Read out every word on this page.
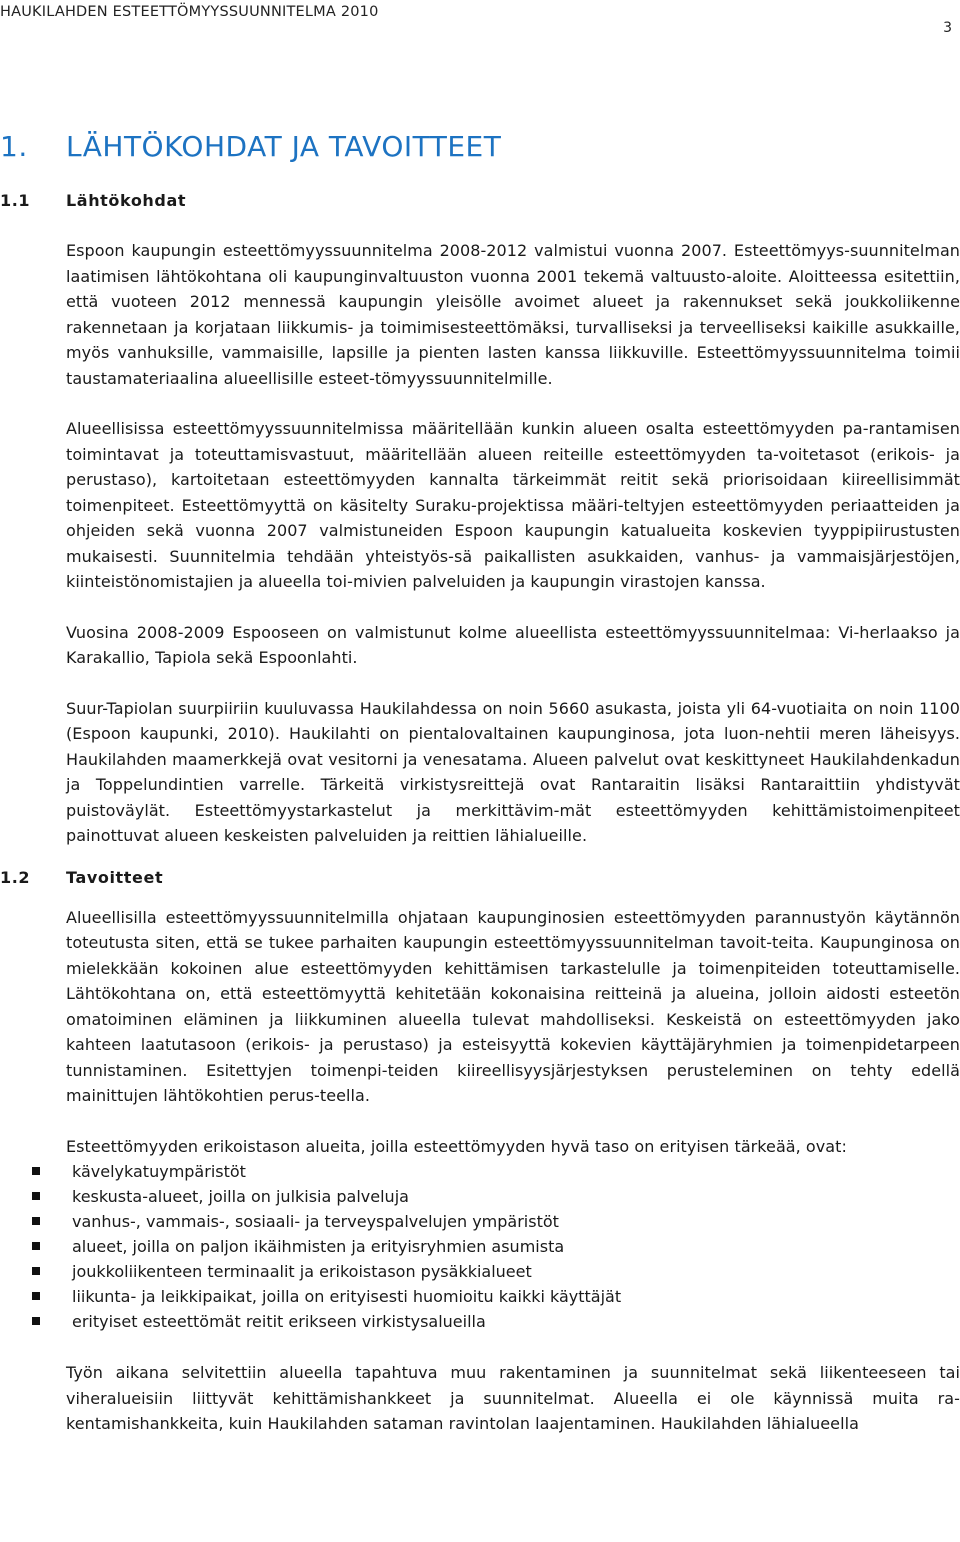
HAUKILAHDEN ESTEETTÖMYYSSUUNNITELMA 2010
3
1.	LÄHTÖKOHDAT JA TAVOITTEET
1.1	Lähtökohdat

Espoon kaupungin esteettömyyssuunnitelma 2008-2012 valmistui vuonna 2007. Esteettömyys-suunnitelman laatimisen lähtökohtana oli kaupunginvaltuuston vuonna 2001 tekemä valtuusto-aloite. Aloitteessa esitettiin, että vuoteen 2012 mennessä kaupungin yleisölle avoimet alueet ja rakennukset sekä joukkoliikenne rakennetaan ja korjataan liikkumis- ja toimimisesteettömäksi, turvalliseksi ja terveelliseksi kaikille asukkaille, myös vanhuksille, vammaisille, lapsille ja pienten lasten kanssa liikkuville. Esteettömyyssuunnitelma toimii taustamateriaalina alueellisille esteet-tömyyssuunnitelmille.

Alueellisissa esteettömyyssuunnitelmissa määritellään kunkin alueen osalta esteettömyyden pa-rantamisen toimintavat ja toteuttamisvastuut, määritellään alueen reiteille esteettömyyden ta-voitetasot (erikois- ja perustaso), kartoitetaan esteettömyyden kannalta tärkeimmät reitit sekä priorisoidaan kiireellisimmät toimenpiteet. Esteettömyyttä on käsitelty Suraku-projektissa määri-teltyjen esteettömyyden periaatteiden ja ohjeiden sekä vuonna 2007 valmistuneiden Espoon kaupungin katualueita koskevien tyyppipiirustusten mukaisesti. Suunnitelmia tehdään yhteistyös-sä paikallisten asukkaiden, vanhus- ja vammaisjärjestöjen, kiinteistönomistajien ja alueella toi-mivien palveluiden ja kaupungin virastojen kanssa.

Vuosina 2008-2009 Espooseen on valmistunut kolme alueellista esteettömyyssuunnitelmaa: Vi-herlaakso ja Karakallio, Tapiola sekä Espoonlahti.

Suur-Tapiolan suurpiiriin kuuluvassa Haukilahdessa on noin 5660 asukasta, joista yli 64-vuotiaita on noin 1100 (Espoon kaupunki, 2010). Haukilahti on pientalovaltainen kaupunginosa, jota luon-nehtii meren läheisyys. Haukilahden maamerkkejä ovat vesitorni ja venesatama. Alueen palvelut ovat keskittyneet Haukilahdenkadun ja Toppelundintien varrelle. Tärkeitä virkistysreittejä ovat Rantaraitin lisäksi Rantaraittiin yhdistyvät puistoväylät. Esteettömyystarkastelut ja merkittävim-mät esteettömyyden kehittämistoimenpiteet painottuvat alueen keskeisten palveluiden ja reittien lähialueille.

1.2	Tavoitteet

Alueellisilla esteettömyyssuunnitelmilla ohjataan kaupunginosien esteettömyyden parannustyön käytännön toteutusta siten, että se tukee parhaiten kaupungin esteettömyyssuunnitelman tavoit-teita. Kaupunginosa on mielekkään kokoinen alue esteettömyyden kehittämisen tarkastelulle ja toimenpiteiden toteuttamiselle. Lähtökohtana on, että esteettömyyttä kehitetään kokonaisina reitteinä ja alueina, jolloin aidosti esteetön omatoiminen eläminen ja liikkuminen alueella tulevat mahdolliseksi. Keskeistä on esteettömyyden jako kahteen laatutasoon (erikois- ja perustaso) ja esteisyyttä kokevien käyttäjäryhmien ja toimenpidetarpeen tunnistaminen. Esitettyjen toimenpi-teiden kiireellisyysjärjestyksen perusteleminen on tehty edellä mainittujen lähtökohtien perus-teella.

Esteettömyyden erikoistason alueita, joilla esteettömyyden hyvä taso on erityisen tärkeää, ovat:

kävelykatuympäristöt
keskusta-alueet, joilla on julkisia palveluja
vanhus-, vammais-, sosiaali- ja terveyspalvelujen ympäristöt
alueet, joilla on paljon ikäihmisten ja erityisryhmien asumista
joukkoliikenteen terminaalit ja erikoistason pysäkkialueet
liikunta- ja leikkipaikat, joilla on erityisesti huomioitu kaikki käyttäjät
erityiset esteettömät reitit erikseen virkistysalueilla

Työn aikana selvitettiin alueella tapahtuva muu rakentaminen ja suunnitelmat sekä liikenteeseen tai viheralueisiin liittyvät kehittämishankkeet ja suunnitelmat. Alueella ei ole käynnissä muita ra-kentamishankkeita, kuin Haukilahden sataman ravintolan laajentaminen. Haukilahden lähialueella
